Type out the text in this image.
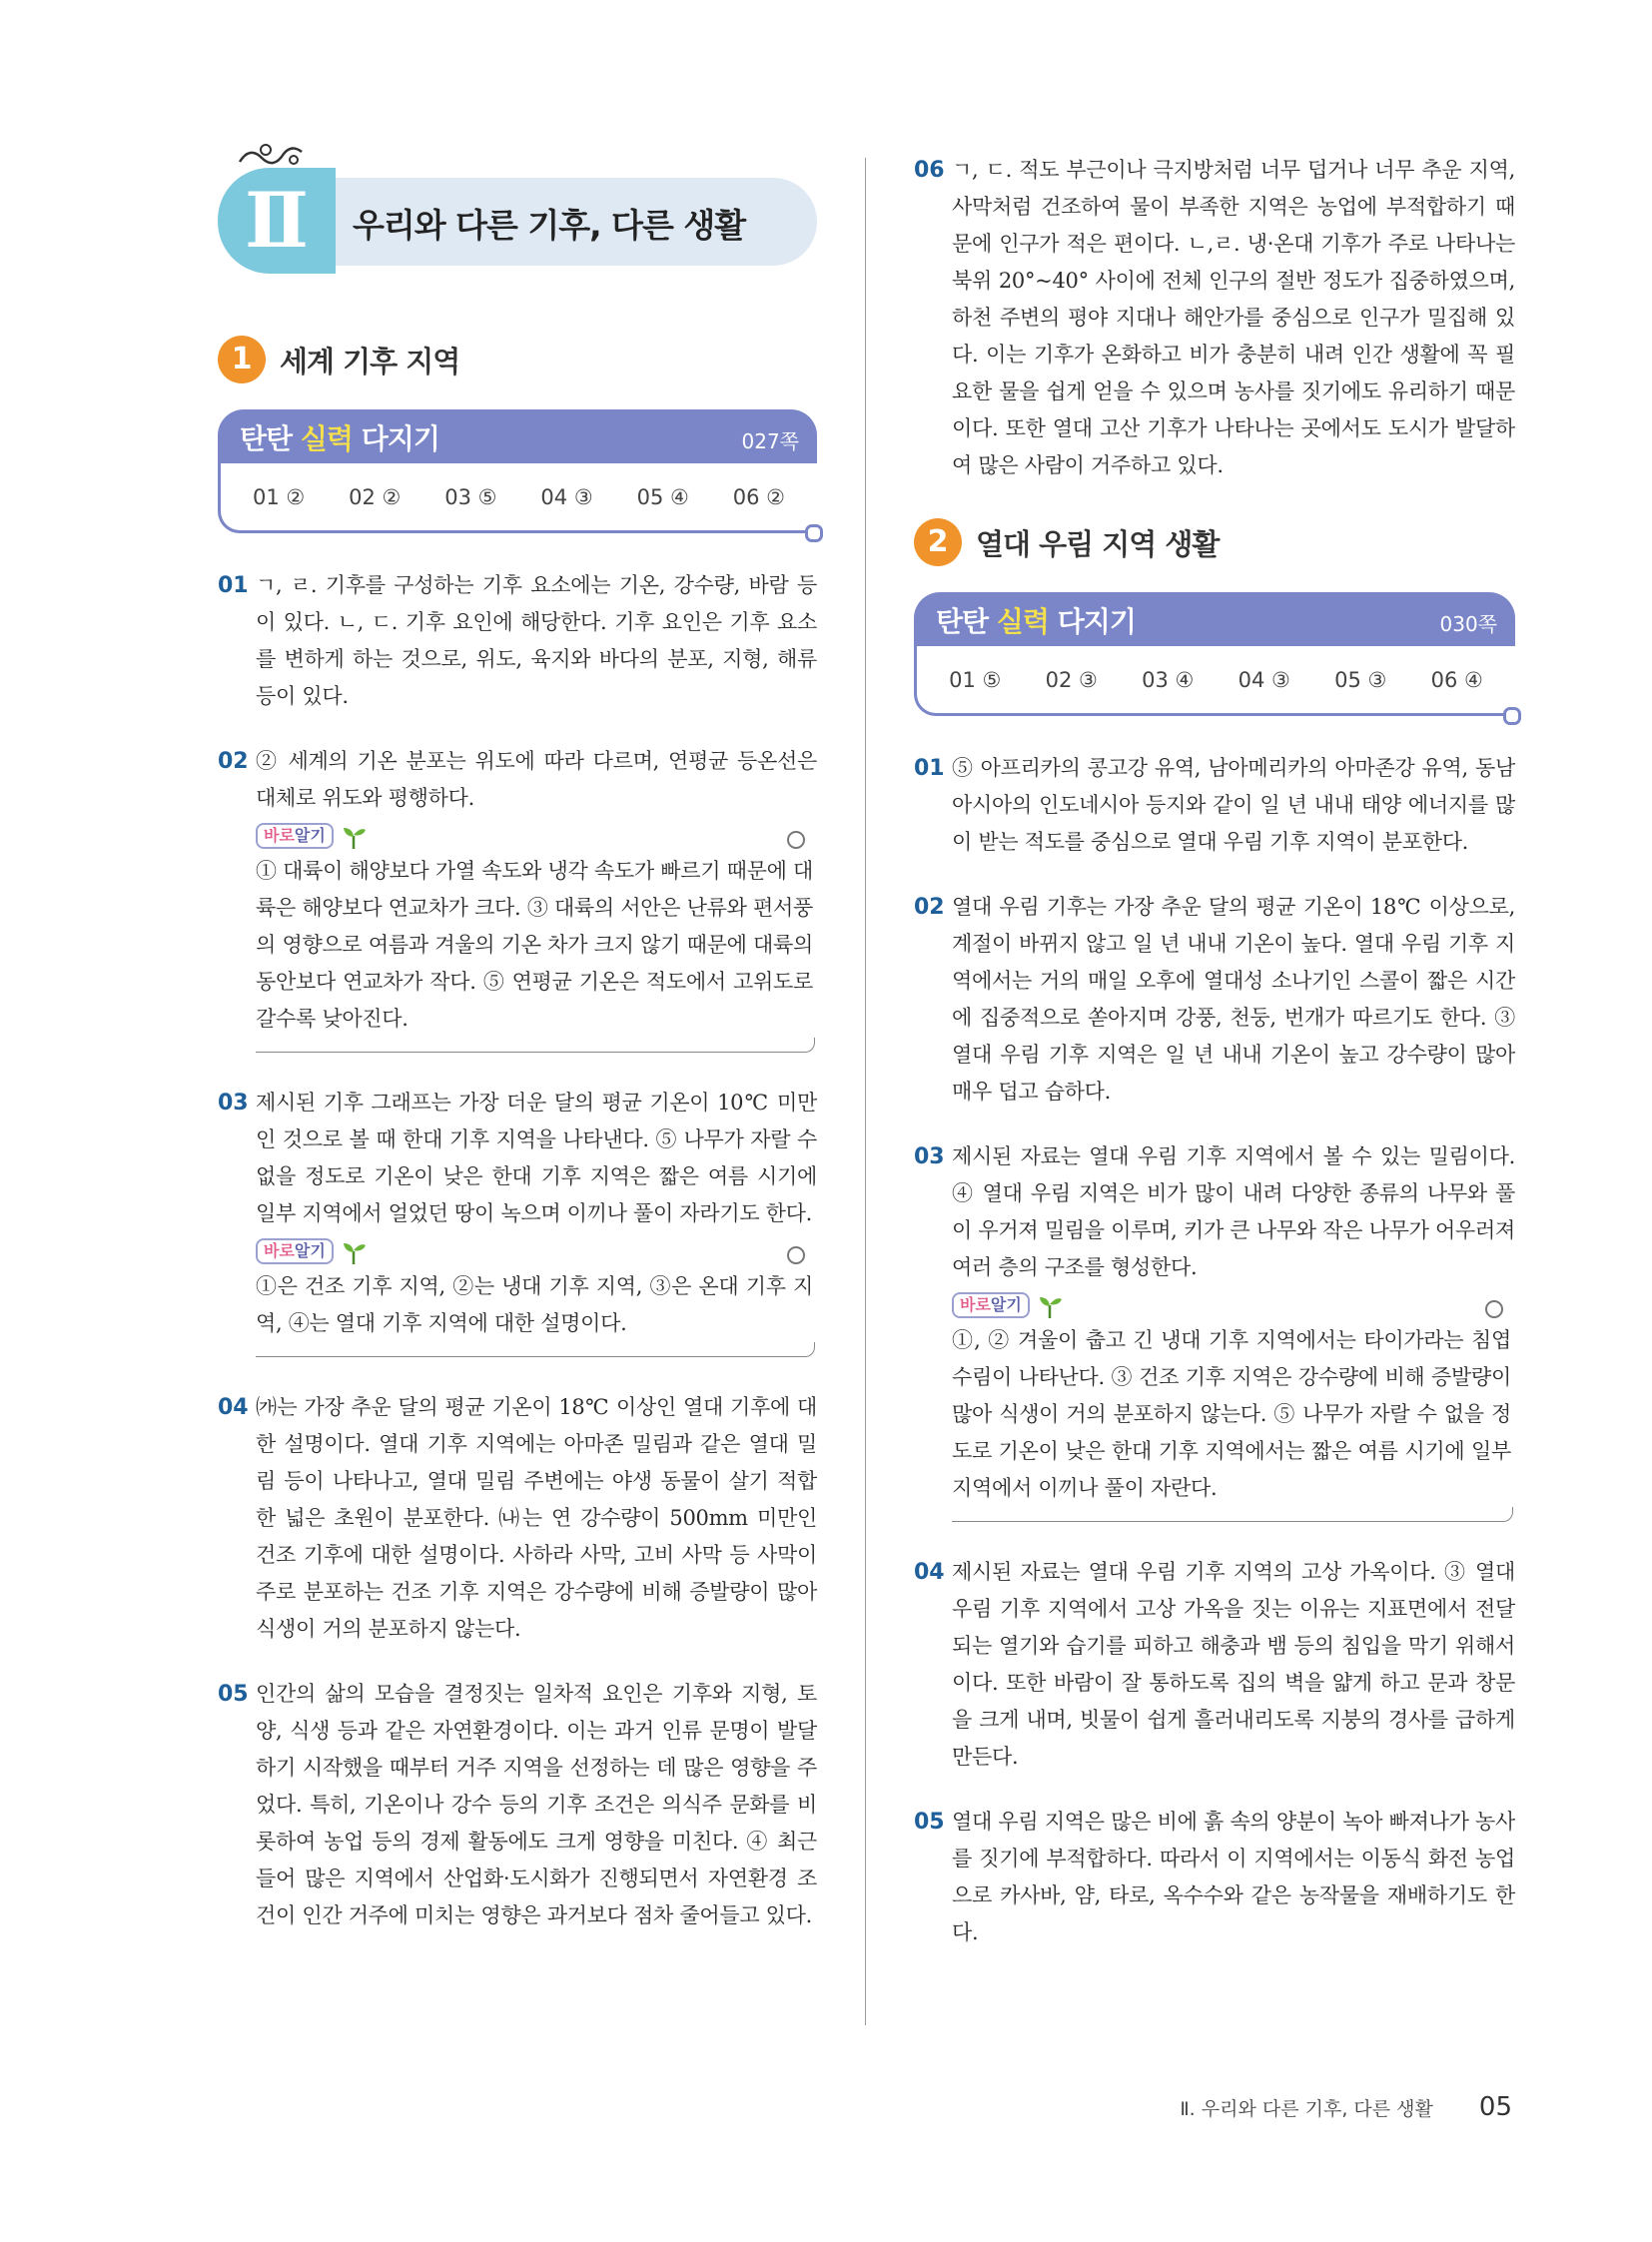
Ⅱ	우리와 다른 기후, 다른 생활
1 세계 기후 지역
탄탄 실력 다지기	027쪽
01 ② 02 ② 03 ⑤ 04 ③ 05 ④ 06 ②
01 ㄱ, ㄹ. 기후를 구성하는 기후 요소에는 기온, 강수량, 바람 등이 있다. ㄴ, ㄷ. 기후 요인에 해당한다. 기후 요인은 기후 요소를 변하게 하는 것으로, 위도, 육지와 바다의 분포, 지형, 해류 등이 있다.
02 ② 세계의 기온 분포는 위도에 따라 다르며, 연평균 등온선은 대체로 위도와 평행하다.
바로알기
① 대륙이 해양보다 가열 속도와 냉각 속도가 빠르기 때문에 대륙은 해양보다 연교차가 크다. ③ 대륙의 서안은 난류와 편서풍의 영향으로 여름과 겨울의 기온 차가 크지 않기 때문에 대륙의 동안보다 연교차가 작다. ⑤ 연평균 기온은 적도에서 고위도로 갈수록 낮아진다.
03 제시된 기후 그래프는 가장 더운 달의 평균 기온이 10℃ 미만인 것으로 볼 때 한대 기후 지역을 나타낸다. ⑤ 나무가 자랄 수 없을 정도로 기온이 낮은 한대 기후 지역은 짧은 여름 시기에 일부 지역에서 얼었던 땅이 녹으며 이끼나 풀이 자라기도 한다.
바로알기
①은 건조 기후 지역, ②는 냉대 기후 지역, ③은 온대 기후 지역, ④는 열대 기후 지역에 대한 설명이다.
04 ㈎는 가장 추운 달의 평균 기온이 18℃ 이상인 열대 기후에 대한 설명이다. 열대 기후 지역에는 아마존 밀림과 같은 열대 밀림 등이 나타나고, 열대 밀림 주변에는 야생 동물이 살기 적합한 넓은 초원이 분포한다. ㈏는 연 강수량이 500mm 미만인 건조 기후에 대한 설명이다. 사하라 사막, 고비 사막 등 사막이 주로 분포하는 건조 기후 지역은 강수량에 비해 증발량이 많아 식생이 거의 분포하지 않는다.
05 인간의 삶의 모습을 결정짓는 일차적 요인은 기후와 지형, 토양, 식생 등과 같은 자연환경이다. 이는 과거 인류 문명이 발달하기 시작했을 때부터 거주 지역을 선정하는 데 많은 영향을 주었다. 특히, 기온이나 강수 등의 기후 조건은 의식주 문화를 비롯하여 농업 등의 경제 활동에도 크게 영향을 미친다. ④ 최근 들어 많은 지역에서 산업화·도시화가 진행되면서 자연환경 조건이 인간 거주에 미치는 영향은 과거보다 점차 줄어들고 있다.
06 ㄱ, ㄷ. 적도 부근이나 극지방처럼 너무 덥거나 너무 추운 지역, 사막처럼 건조하여 물이 부족한 지역은 농업에 부적합하기 때문에 인구가 적은 편이다. ㄴ,ㄹ. 냉·온대 기후가 주로 나타나는 북위 20°~40° 사이에 전체 인구의 절반 정도가 집중하였으며, 하천 주변의 평야 지대나 해안가를 중심으로 인구가 밀집해 있다. 이는 기후가 온화하고 비가 충분히 내려 인간 생활에 꼭 필요한 물을 쉽게 얻을 수 있으며 농사를 짓기에도 유리하기 때문이다. 또한 열대 고산 기후가 나타나는 곳에서도 도시가 발달하여 많은 사람이 거주하고 있다.
2 열대 우림 지역 생활
탄탄 실력 다지기	030쪽
01 ⑤ 02 ③ 03 ④ 04 ③ 05 ③ 06 ④
01 ⑤ 아프리카의 콩고강 유역, 남아메리카의 아마존강 유역, 동남아시아의 인도네시아 등지와 같이 일 년 내내 태양 에너지를 많이 받는 적도를 중심으로 열대 우림 기후 지역이 분포한다.
02 열대 우림 기후는 가장 추운 달의 평균 기온이 18℃ 이상으로, 계절이 바뀌지 않고 일 년 내내 기온이 높다. 열대 우림 기후 지역에서는 거의 매일 오후에 열대성 소나기인 스콜이 짧은 시간에 집중적으로 쏟아지며 강풍, 천둥, 번개가 따르기도 한다. ③ 열대 우림 기후 지역은 일 년 내내 기온이 높고 강수량이 많아 매우 덥고 습하다.
03 제시된 자료는 열대 우림 기후 지역에서 볼 수 있는 밀림이다. ④ 열대 우림 지역은 비가 많이 내려 다양한 종류의 나무와 풀이 우거져 밀림을 이루며, 키가 큰 나무와 작은 나무가 어우러져 여러 층의 구조를 형성한다.
바로알기
①, ② 겨울이 춥고 긴 냉대 기후 지역에서는 타이가라는 침엽수림이 나타난다. ③ 건조 기후 지역은 강수량에 비해 증발량이 많아 식생이 거의 분포하지 않는다. ⑤ 나무가 자랄 수 없을 정도로 기온이 낮은 한대 기후 지역에서는 짧은 여름 시기에 일부 지역에서 이끼나 풀이 자란다.
04 제시된 자료는 열대 우림 기후 지역의 고상 가옥이다. ③ 열대 우림 기후 지역에서 고상 가옥을 짓는 이유는 지표면에서 전달되는 열기와 습기를 피하고 해충과 뱀 등의 침입을 막기 위해서이다. 또한 바람이 잘 통하도록 집의 벽을 얇게 하고 문과 창문을 크게 내며, 빗물이 쉽게 흘러내리도록 지붕의 경사를 급하게 만든다.
05 열대 우림 지역은 많은 비에 흙 속의 양분이 녹아 빠져나가 농사를 짓기에 부적합하다. 따라서 이 지역에서는 이동식 화전 농업으로 카사바, 얌, 타로, 옥수수와 같은 농작물을 재배하기도 한다.
Ⅱ. 우리와 다른 기후, 다른 생활 05
